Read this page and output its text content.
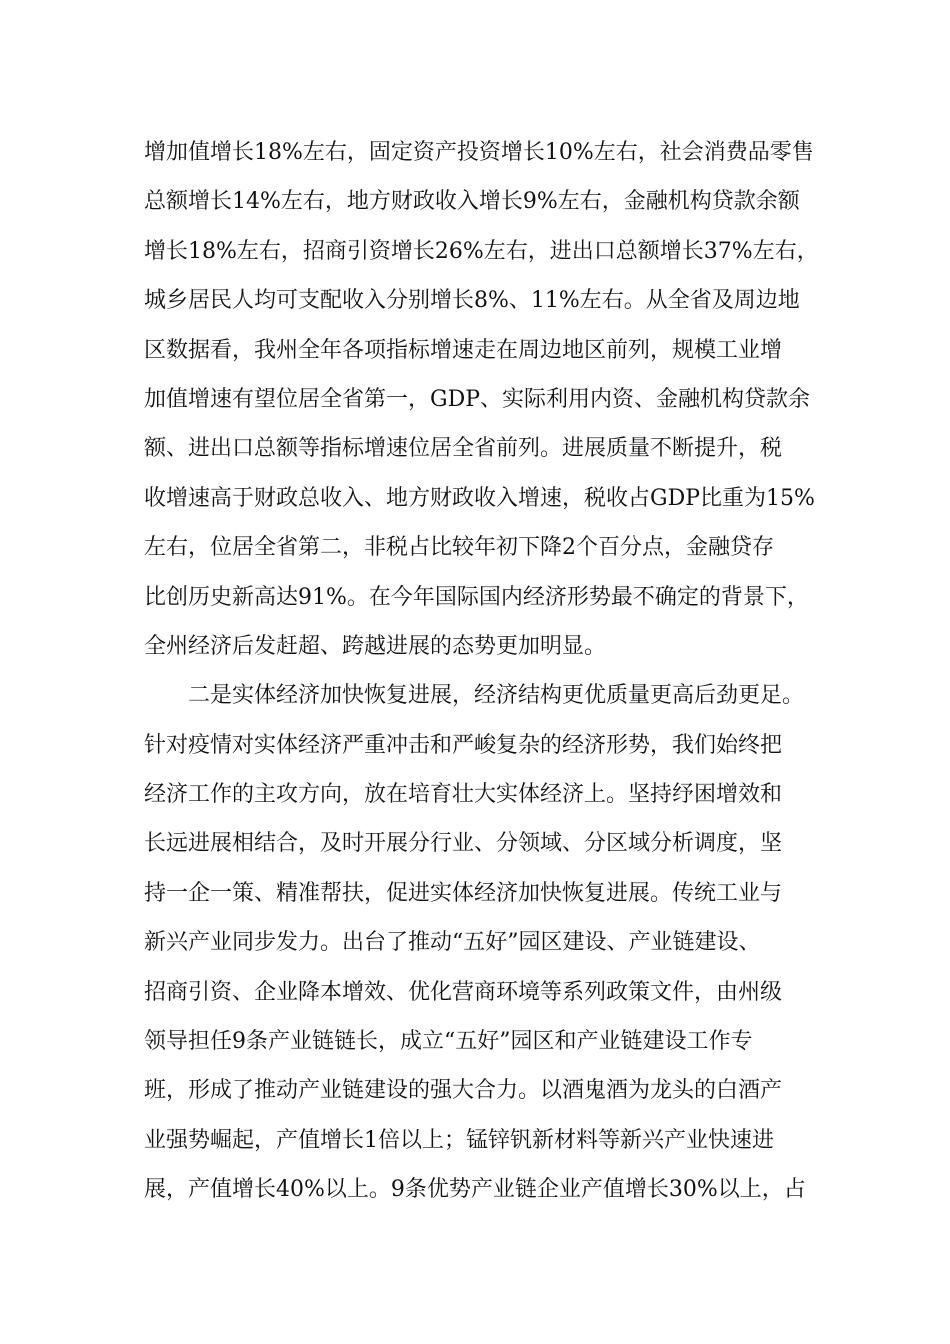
增加值增长18%左右，固定资产投资增长10%左右，社会消费品零售
总额增长14%左右，地方财政收入增长9%左右，金融机构贷款余额
增长18%左右，招商引资增长26%左右，进出口总额增长37%左右，
城乡居民人均可支配收入分别增长8%、11%左右。从全省及周边地
区数据看，我州全年各项指标增速走在周边地区前列，规模工业增
加值增速有望位居全省第一，GDP、实际利用内资、金融机构贷款余
额、进出口总额等指标增速位居全省前列。进展质量不断提升，税
收增速高于财政总收入、地方财政收入增速，税收占GDP比重为15%
左右，位居全省第二，非税占比较年初下降2个百分点，金融贷存
比创历史新高达91%。在今年国际国内经济形势最不确定的背景下，
全州经济后发赶超、跨越进展的态势更加明显。
二是实体经济加快恢复进展，经济结构更优质量更高后劲更足。
针对疫情对实体经济严重冲击和严峻复杂的经济形势，我们始终把
经济工作的主攻方向，放在培育壮大实体经济上。坚持纾困增效和
长远进展相结合，及时开展分行业、分领域、分区域分析调度，坚
持一企一策、精准帮扶，促进实体经济加快恢复进展。传统工业与
新兴产业同步发力。出台了推动“五好”园区建设、产业链建设、
招商引资、企业降本增效、优化营商环境等系列政策文件，由州级
领导担任9条产业链链长，成立“五好”园区和产业链建设工作专
班，形成了推动产业链建设的强大合力。以酒鬼酒为龙头的白酒产
业强势崛起，产值增长1倍以上；锰锌钒新材料等新兴产业快速进
展，产值增长40%以上。9条优势产业链企业产值增长30%以上，占
